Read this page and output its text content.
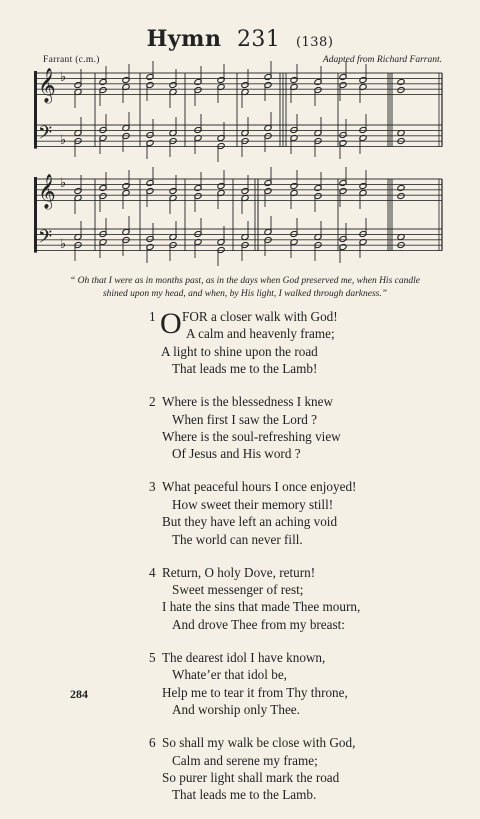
Hymn 231 (138)
Farrant (c.m.)	Adapted from Richard Farrant.
𝄞
𝄢
♭
♭
𝄞
𝄢
♭
♭
“ Oh that I were as in months past, as in the days when God preserved me, when His candle
shined upon my head, and when, by His light, I walked through darkness.”
1 O FOR a closer walk with God!
A calm and heavenly frame;
A light to shine upon the road
That leads me to the Lamb!
2 Where is the blessedness I knew
When first I saw the Lord ?
Where is the soul-refreshing view
Of Jesus and His word ?
3 What peaceful hours I once enjoyed!
How sweet their memory still!
But they have left an aching void
The world can never fill.
4 Return, O holy Dove, return!
Sweet messenger of rest;
I hate the sins that made Thee mourn,
And drove Thee from my breast:
5 The dearest idol I have known,
Whate’er that idol be,
Help me to tear it from Thy throne,
And worship only Thee.
6 So shall my walk be close with God,
Calm and serene my frame;
So purer light shall mark the road
That leads me to the Lamb.
284
